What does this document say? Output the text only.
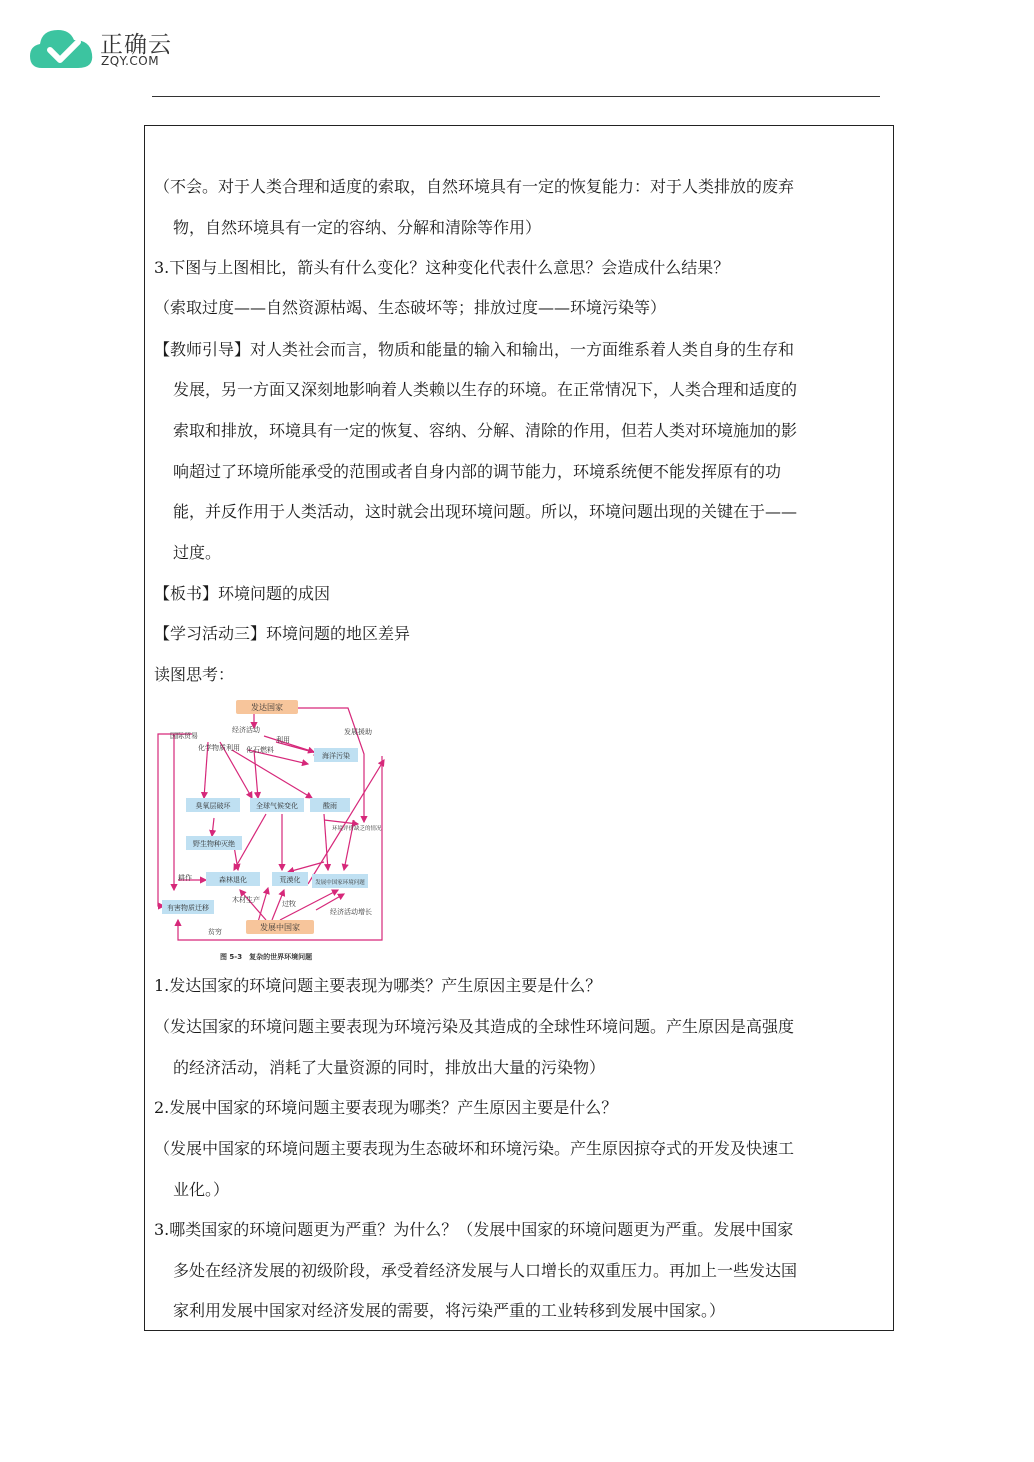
正确云
ZQY.COM
（不会。对于人类合理和适度的索取，自然环境具有一定的恢复能力：对于人类排放的废弃
物，自然环境具有一定的容纳、分解和清除等作用）
3.下图与上图相比，箭头有什么变化？这种变化代表什么意思？会造成什么结果？
（索取过度——自然资源枯竭、生态破坏等；排放过度——环境污染等）
【教师引导】对人类社会而言，物质和能量的输入和输出，一方面维系着人类自身的生存和
发展，另一方面又深刻地影响着人类赖以生存的环境。在正常情况下，人类合理和适度的
索取和排放，环境具有一定的恢复、容纳、分解、清除的作用，但若人类对环境施加的影
响超过了环境所能承受的范围或者自身内部的调节能力，环境系统便不能发挥原有的功
能，并反作用于人类活动，这时就会出现环境问题。所以，环境问题出现的关键在于——
过度。
【板书】环境问题的成因
【学习活动三】环境问题的地区差异
读图思考：
发达国家
发展中国家
国际贸易
经济活动
利用
发展援助
化学物质利用 化石燃料
海洋污染
臭氧层破坏	全球气候变化	酸雨
环境评价缺乏的情况
野生物种灭绝
耕作	森林退化	荒漠化	发展中国家环境问题
有害物质迁移
木材生产	过牧
经济活动增长
贫穷
图 5-3　复杂的世界环境问题
1.发达国家的环境问题主要表现为哪类？产生原因主要是什么？
（发达国家的环境问题主要表现为环境污染及其造成的全球性环境问题。产生原因是高强度
的经济活动，消耗了大量资源的同时，排放出大量的污染物）
2.发展中国家的环境问题主要表现为哪类？产生原因主要是什么？
（发展中国家的环境问题主要表现为生态破坏和环境污染。产生原因掠夺式的开发及快速工
业化。）
3.哪类国家的环境问题更为严重？为什么？（发展中国家的环境问题更为严重。发展中国家
多处在经济发展的初级阶段，承受着经济发展与人口增长的双重压力。再加上一些发达国
家利用发展中国家对经济发展的需要，将污染严重的工业转移到发展中国家。）
